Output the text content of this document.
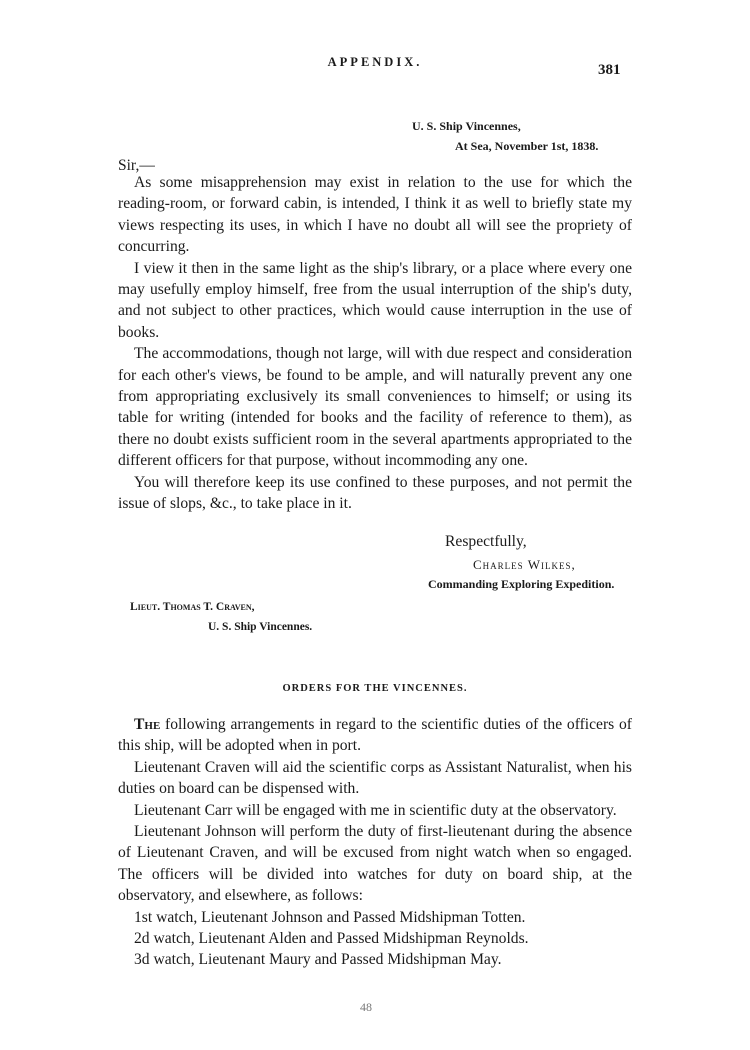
APPENDIX.	381
U. S. Ship Vincennes,
At Sea, November 1st, 1838.
Sir,—

As some misapprehension may exist in relation to the use for which the reading-room, or forward cabin, is intended, I think it as well to briefly state my views respecting its uses, in which I have no doubt all will see the propriety of concurring.

I view it then in the same light as the ship's library, or a place where every one may usefully employ himself, free from the usual interruption of the ship's duty, and not subject to other practices, which would cause interruption in the use of books.

The accommodations, though not large, will with due respect and consideration for each other's views, be found to be ample, and will naturally prevent any one from appropriating exclusively its small conveniences to himself; or using its table for writing (intended for books and the facility of reference to them), as there no doubt exists sufficient room in the several apartments appropriated to the different officers for that purpose, without incommoding any one.

You will therefore keep its use confined to these purposes, and not permit the issue of slops, &c., to take place in it.

Respectfully,
Charles Wilkes,
Commanding Exploring Expedition.
Lieut. Thomas T. Craven,
U. S. Ship Vincennes.
ORDERS FOR THE VINCENNES.

The following arrangements in regard to the scientific duties of the officers of this ship, will be adopted when in port.

Lieutenant Craven will aid the scientific corps as Assistant Naturalist, when his duties on board can be dispensed with.

Lieutenant Carr will be engaged with me in scientific duty at the observatory.

Lieutenant Johnson will perform the duty of first-lieutenant during the absence of Lieutenant Craven, and will be excused from night watch when so engaged. The officers will be divided into watches for duty on board ship, at the observatory, and elsewhere, as follows:

1st watch, Lieutenant Johnson and Passed Midshipman Totten.

2d watch, Lieutenant Alden and Passed Midshipman Reynolds.

3d watch, Lieutenant Maury and Passed Midshipman May.

48
